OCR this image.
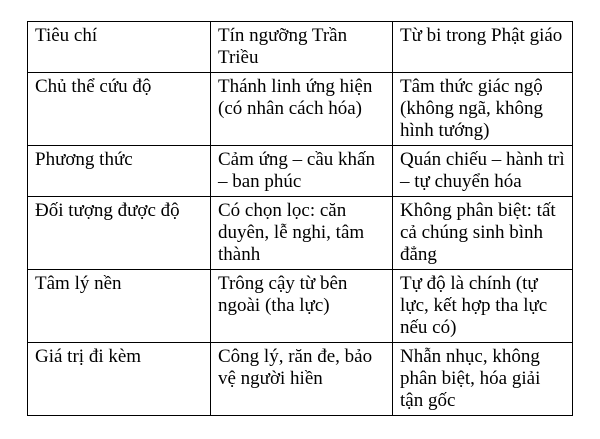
Tiêu chí	Tín ngưỡng Trần Triều	Từ bi trong Phật giáo
Chủ thể cứu độ	Thánh linh ứng hiện (có nhân cách hóa)	Tâm thức giác ngộ (không ngã, không hình tướng)
Phương thức	Cảm ứng – cầu khấn – ban phúc	Quán chiếu – hành trì – tự chuyển hóa
Đối tượng được độ	Có chọn lọc: căn duyên, lễ nghi, tâm thành	Không phân biệt: tất cả chúng sinh bình đẳng
Tâm lý nền	Trông cậy từ bên ngoài (tha lực)	Tự độ là chính (tự lực, kết hợp tha lực nếu có)
Giá trị đi kèm	Công lý, răn đe, bảo vệ người hiền	Nhẫn nhục, không phân biệt, hóa giải tận gốc
